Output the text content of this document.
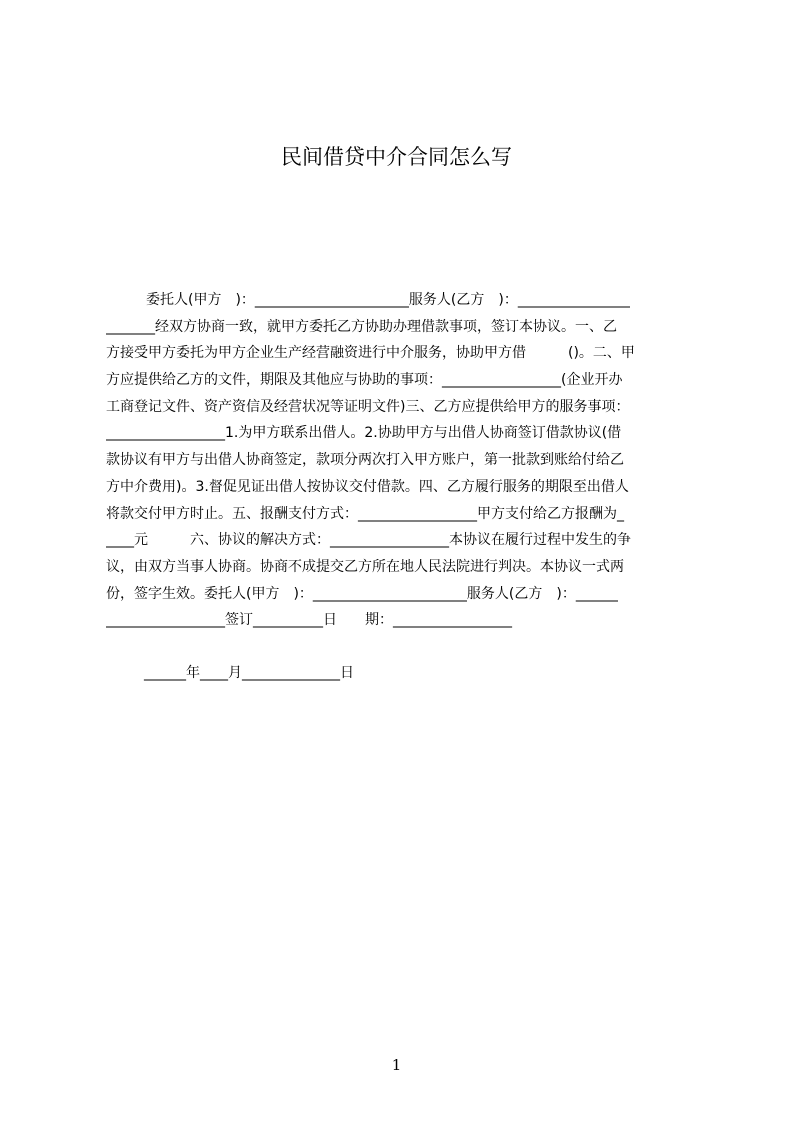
民间借贷中介合同怎么写
委托人(甲方　)：______________________服务人(乙方　)：________________
_______经双方协商一致，就甲方委托乙方协助办理借款事项，签订本协议。一、乙
方接受甲方委托为甲方企业生产经营融资进行中介服务，协助甲方借　　　()。二、甲
方应提供给乙方的文件，期限及其他应与协助的事项：_________________(企业开办
工商登记文件、资产资信及经营状况等证明文件)三、乙方应提供给甲方的服务事项：
_________________1.为甲方联系出借人。2.协助甲方与出借人协商签订借款协议(借
款协议有甲方与出借人协商签定，款项分两次打入甲方账户，第一批款到账给付给乙
方中介费用)。3.督促见证出借人按协议交付借款。四、乙方履行服务的期限至出借人
将款交付甲方时止。五、报酬支付方式：_________________甲方支付给乙方报酬为_
____元　　　六、协议的解决方式：_________________本协议在履行过程中发生的争
议，由双方当事人协商。协商不成提交乙方所在地人民法院进行判决。本协议一式两
份，签字生效。委托人(甲方　)：______________________服务人(乙方　)：______
_________________签订__________日　　期：_________________
______年____月______________日
1
